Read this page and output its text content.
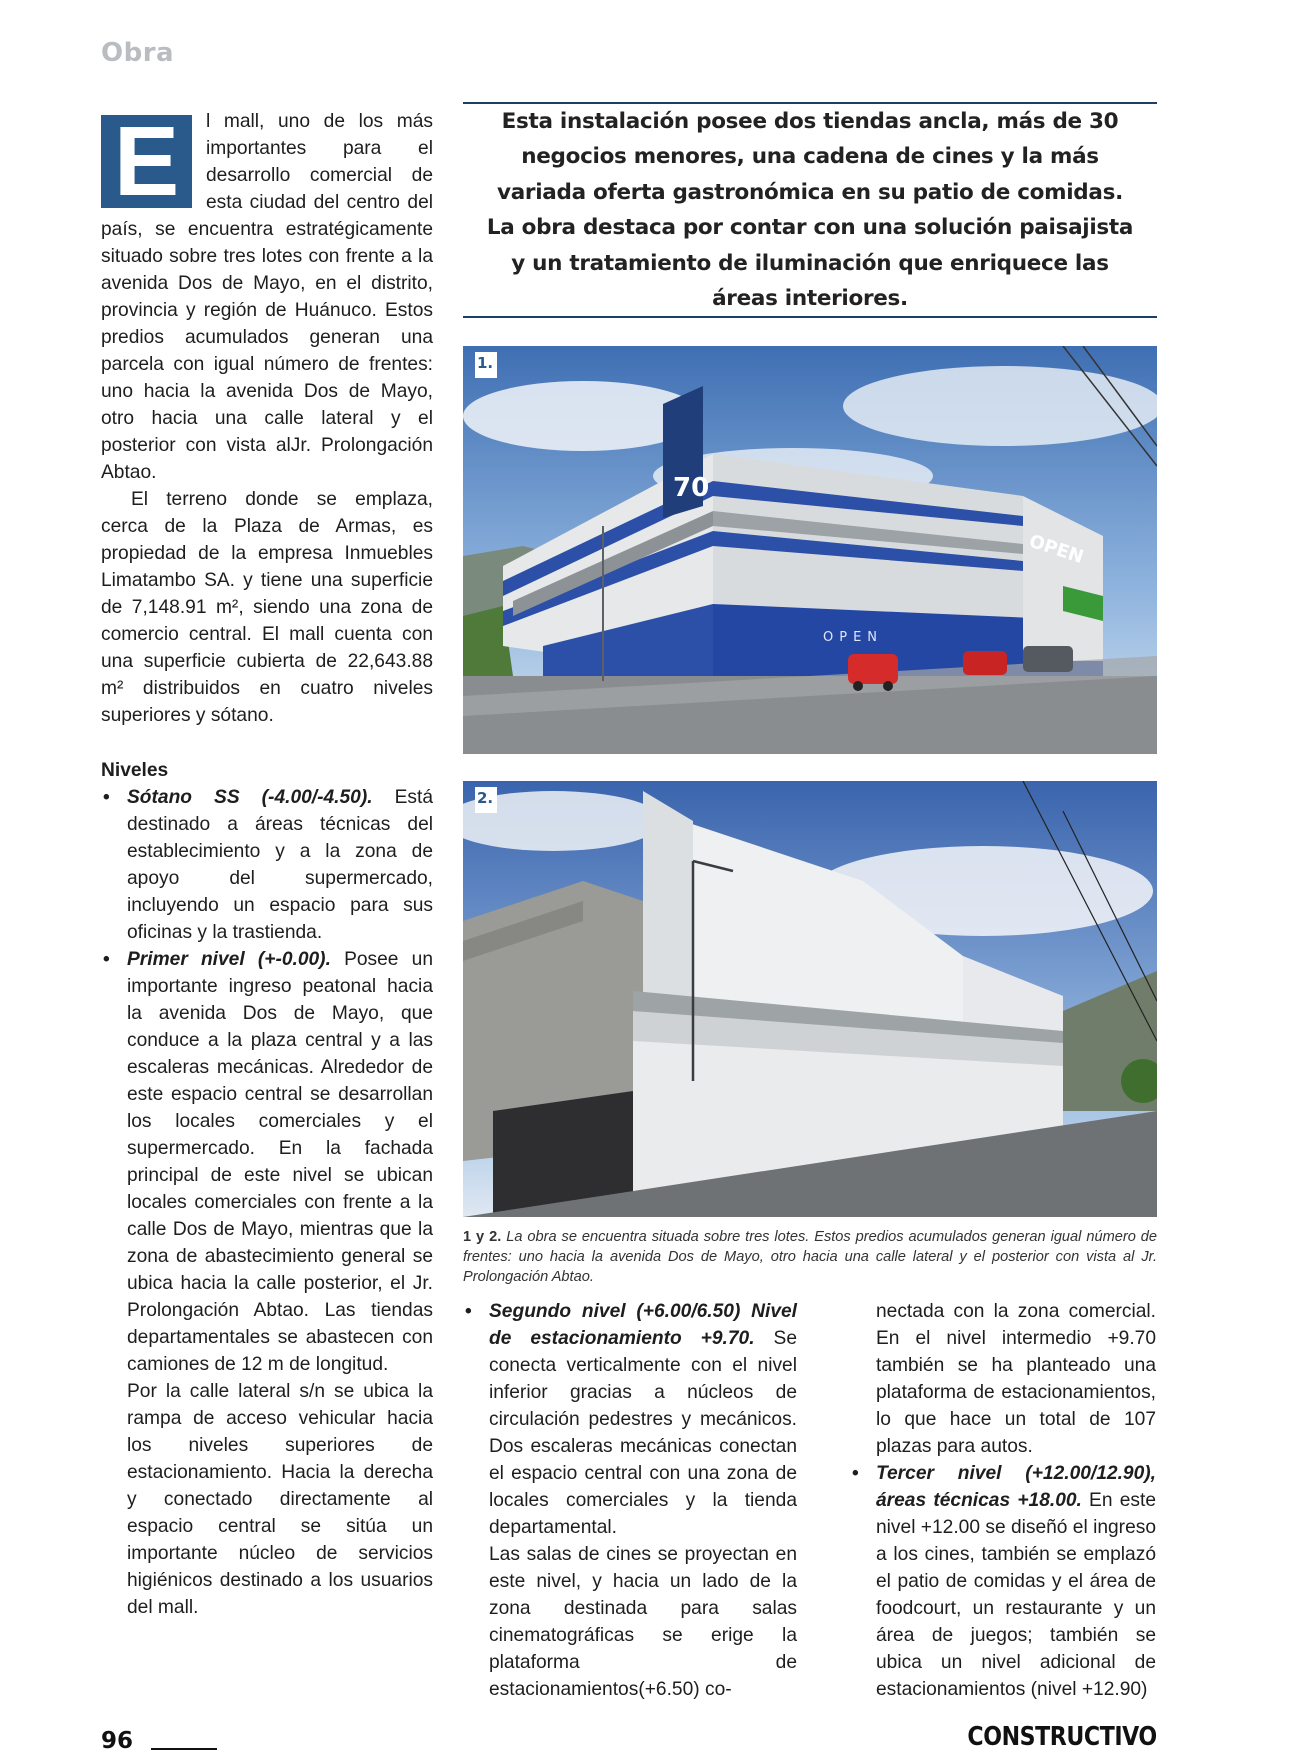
Obra

E	l mall, uno de los más importantes para el desarrollo comercial de esta ciudad del centro del país, se encuentra estratégicamente situado sobre tres lotes con frente a la avenida Dos de Mayo, en el distrito, provincia y región de Huánuco. Estos predios acumulados generan una parcela con igual número de frentes: uno hacia la avenida Dos de Mayo, otro hacia una calle lateral y el posterior con vista alJr. Prolongación Abtao.

El terreno donde se emplaza, cerca de la Plaza de Armas, es propiedad de la empresa Inmuebles Limatambo SA. y tiene una superficie de 7,148.91 m², siendo una zona de comercio central. El mall cuenta con una superficie cubierta de 22,643.88 m² distribuidos en cuatro niveles superiores y sótano.

Niveles

• Sótano SS (-4.00/-4.50). Está destinado a áreas técnicas del establecimiento y a la zona de apoyo del supermercado, incluyendo un espacio para sus oficinas y la trastienda.
• Primer nivel (+-0.00). Posee un importante ingreso peatonal hacia la avenida Dos de Mayo, que conduce a la plaza central y a las escaleras mecánicas. Alrededor de este espacio central se desarrollan los locales comerciales y el supermercado. En la fachada principal de este nivel se ubican locales comerciales con frente a la calle Dos de Mayo, mientras que la zona de abastecimiento general se ubica hacia la calle posterior, el Jr. Prolongación Abtao. Las tiendas departamentales se abastecen con camiones de 12 m de longitud.
Por la calle lateral s/n se ubica la rampa de acceso vehicular hacia los niveles superiores de estacionamiento. Hacia la derecha y conectado directamente al espacio central se sitúa un importante núcleo de servicios higiénicos destinado a los usuarios del mall.
Esta instalación posee dos tiendas ancla, más de 30 negocios menores, una cadena de cines y la más variada oferta gastronómica en su patio de comidas. La obra destaca por contar con una solución paisajista y un tratamiento de iluminación que enriquece las áreas interiores.
70
OPEN
OPEN
1.
2.
1 y 2. La obra se encuentra situada sobre tres lotes. Estos predios acumulados generan igual número de frentes: uno hacia la avenida Dos de Mayo, otro hacia una calle lateral y el posterior con vista al Jr. Prolongación Abtao.
• Segundo nivel (+6.00/6.50) Nivel de estacionamiento +9.70. Se conecta verticalmente con el nivel inferior gracias a núcleos de circulación pedestres y mecánicos. Dos escaleras mecánicas conectan el espacio central con una zona de locales comerciales y la tienda departamental.
Las salas de cines se proyectan en este nivel, y hacia un lado de la zona destinada para salas cinematográficas se erige la plataforma de estacionamientos(+6.50) co-
nectada con la zona comercial. En el nivel intermedio +9.70 también se ha planteado una plataforma de estacionamientos, lo que hace un total de 107 plazas para autos.
• Tercer nivel (+12.00/12.90), áreas técnicas +18.00. En este nivel +12.00 se diseñó el ingreso a los cines, también se emplazó el patio de comidas y el área de foodcourt, un restaurante y un área de juegos; también se ubica un nivel adicional de estacionamientos (nivel +12.90)
96	CONSTRUCTIVO
